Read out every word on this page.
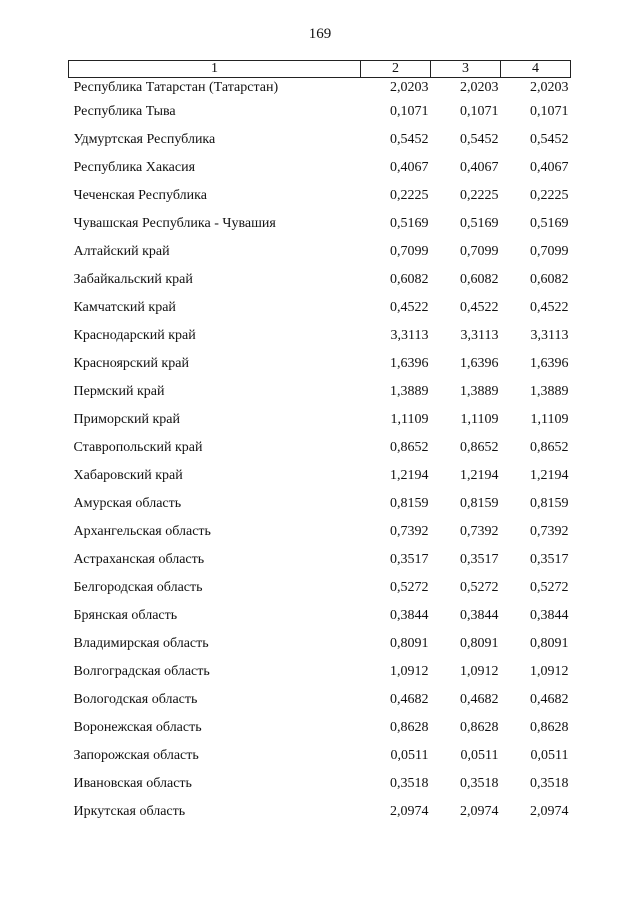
169
1	2	3	4
Республика Татарстан (Татарстан)	2,0203	2,0203	2,0203
Республика Тыва	0,1071	0,1071	0,1071
Удмуртская Республика	0,5452	0,5452	0,5452
Республика Хакасия	0,4067	0,4067	0,4067
Чеченская Республика	0,2225	0,2225	0,2225
Чувашская Республика - Чувашия	0,5169	0,5169	0,5169
Алтайский край	0,7099	0,7099	0,7099
Забайкальский край	0,6082	0,6082	0,6082
Камчатский край	0,4522	0,4522	0,4522
Краснодарский край	3,3113	3,3113	3,3113
Красноярский край	1,6396	1,6396	1,6396
Пермский край	1,3889	1,3889	1,3889
Приморский край	1,1109	1,1109	1,1109
Ставропольский край	0,8652	0,8652	0,8652
Хабаровский край	1,2194	1,2194	1,2194
Амурская область	0,8159	0,8159	0,8159
Архангельская область	0,7392	0,7392	0,7392
Астраханская область	0,3517	0,3517	0,3517
Белгородская область	0,5272	0,5272	0,5272
Брянская область	0,3844	0,3844	0,3844
Владимирская область	0,8091	0,8091	0,8091
Волгоградская область	1,0912	1,0912	1,0912
Вологодская область	0,4682	0,4682	0,4682
Воронежская область	0,8628	0,8628	0,8628
Запорожская область	0,0511	0,0511	0,0511
Ивановская область	0,3518	0,3518	0,3518
Иркутская область	2,0974	2,0974	2,0974
